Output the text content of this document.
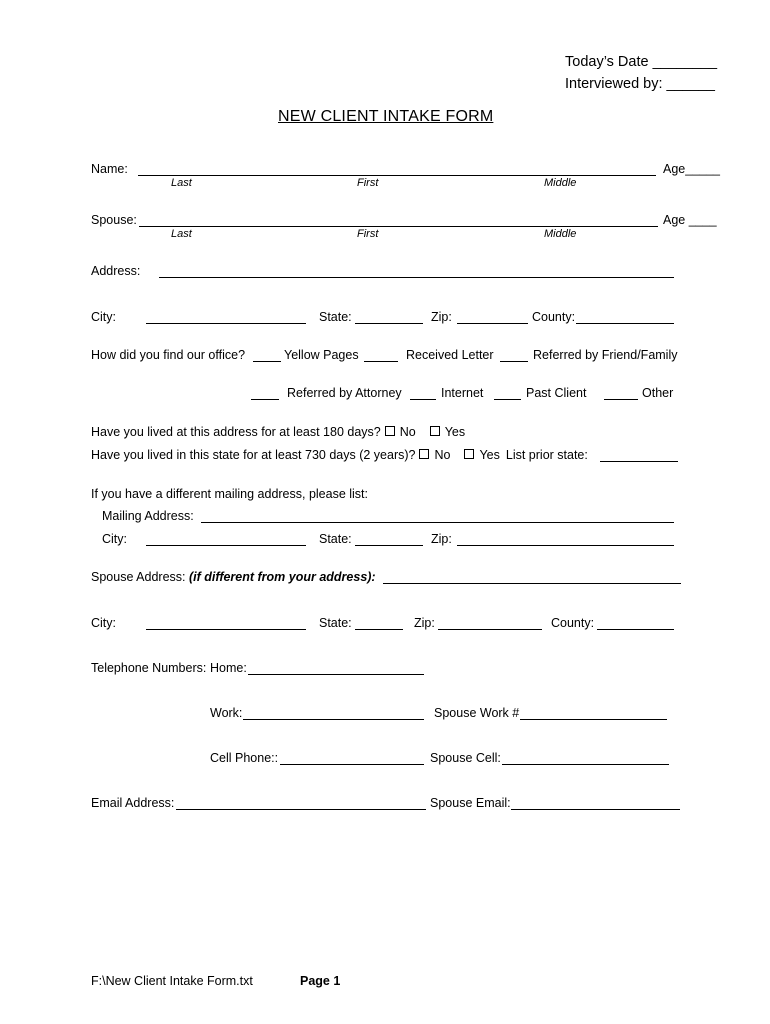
Today’s Date ________
Interviewed by: ______
NEW CLIENT INTAKE FORM
Name:	Age_____
Last	First	Middle
Spouse:	Age ____
Last	First	Middle
Address:
City:	State:	Zip:	County:
How did you find our office?	Yellow Pages	Received Letter	Referred by Friend/Family
Referred by Attorney	Internet	Past Client	Other
Have you lived at this address for at least 180 days? No Yes
Have you lived in this state for at least 730 days (2 years)? No Yes List prior state:
If you have a different mailing address, please list:
Mailing Address:
City:	State:	Zip:
Spouse Address: (if different from your address):
City:	State:	Zip:	County:
Telephone Numbers: Home:
Work:	Spouse Work #
Cell Phone::	Spouse Cell:
Email Address:	Spouse Email:
F:\New Client Intake Form.txt	Page 1
